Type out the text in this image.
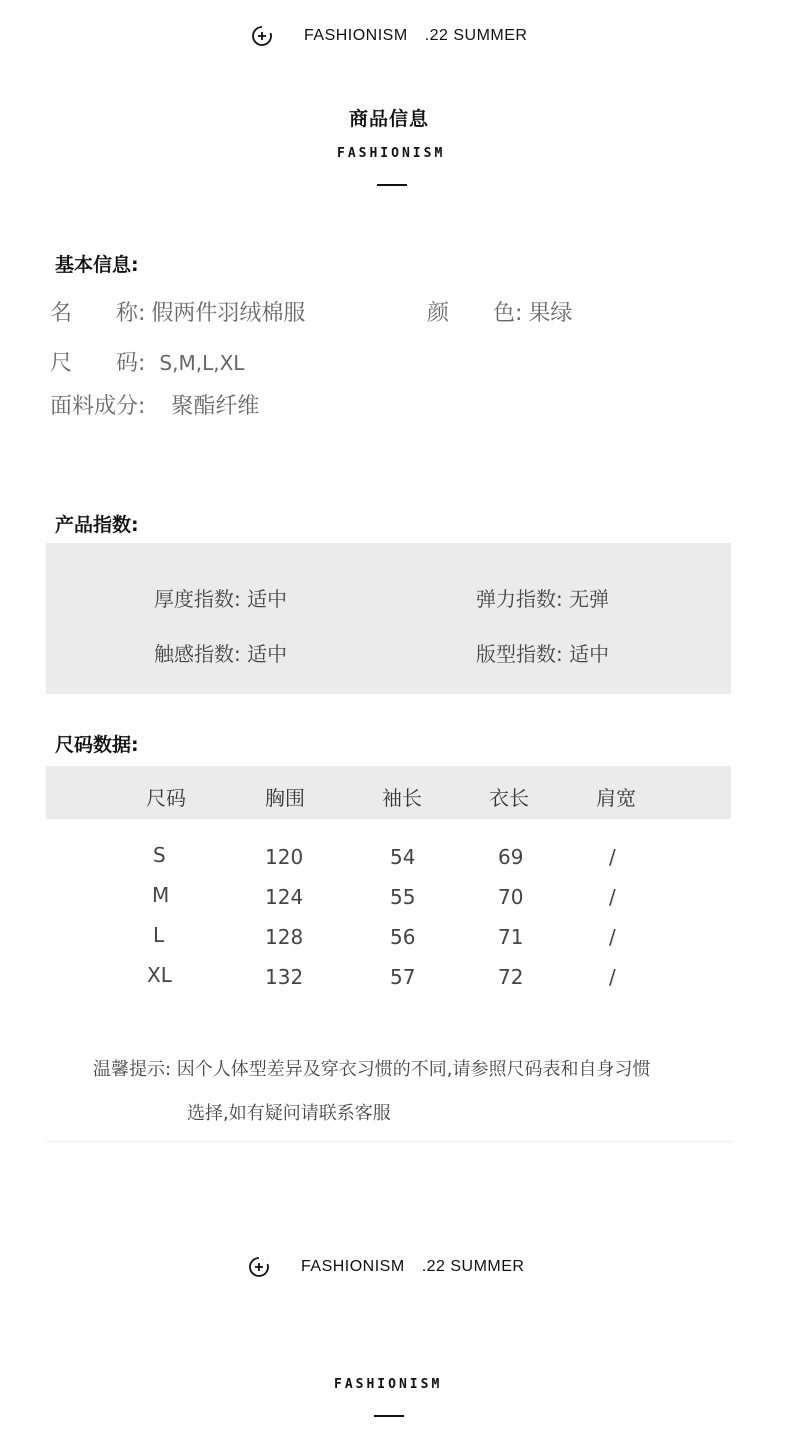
FASHIONISM .22 SUMMER
商品信息
FASHIONISM
基本信息:
名　　称: 假两件羽绒棉服	颜　　色: 果绿
尺　　码: S,M,L,XL
面料成分: 聚酯纤维
产品指数:
厚度指数: 适中	弹力指数: 无弹
触感指数: 适中	版型指数: 适中
尺码数据:
尺码	胸围	袖长	衣长	肩宽
S	120	54	69	/
M	124	55	70	/
L	128	56	71	/
XL	132	57	72	/
温馨提示: 因个人体型差异及穿衣习惯的不同,请参照尺码表和自身习惯
选择,如有疑问请联系客服
FASHIONISM .22 SUMMER
FASHIONISM
